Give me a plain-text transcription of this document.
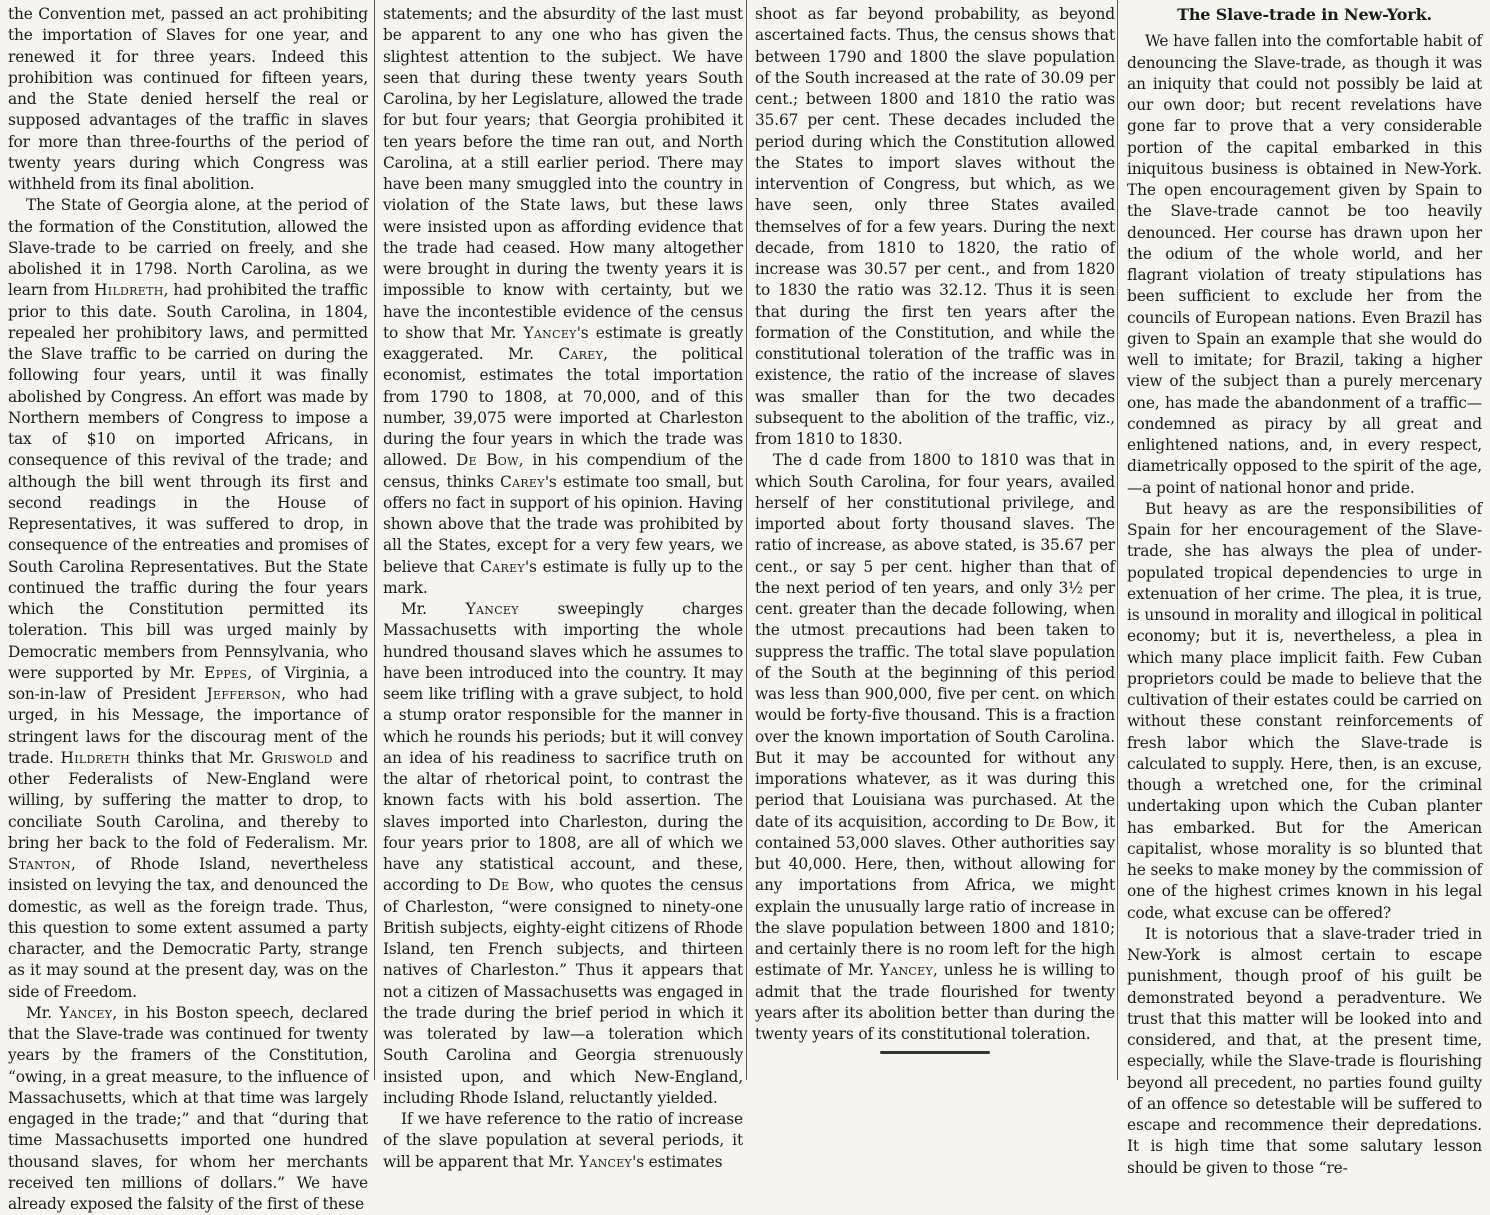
the Convention met, passed an act prohibiting the importation of Slaves for one year, and renewed it for three years. Indeed this prohibition was continued for fifteen years, and the State denied herself the real or supposed advantages of the traffic in slaves for more than three-fourths of the period of twenty years during which Congress was withheld from its final abolition.

The State of Georgia alone, at the period of the formation of the Constitution, allowed the Slave-trade to be carried on freely, and she abolished it in 1798. North Carolina, as we learn from Hildreth, had prohibited the traffic prior to this date. South Carolina, in 1804, repealed her prohibitory laws, and permitted the Slave traffic to be carried on during the following four years, until it was finally abolished by Congress. An effort was made by Northern members of Congress to impose a tax of $10 on imported Africans, in consequence of this revival of the trade; and although the bill went through its first and second readings in the House of Representatives, it was suffered to drop, in consequence of the entreaties and promises of South Carolina Representatives. But the State continued the traffic during the four years which the Constitution permitted its toleration. This bill was urged mainly by Democratic members from Pennsylvania, who were supported by Mr. Eppes, of Virginia, a son-in-law of President Jefferson, who had urged, in his Message, the importance of stringent laws for the discourag ment of the trade. Hildreth thinks that Mr. Griswold and other Federalists of New-England were willing, by suffering the matter to drop, to conciliate South Carolina, and thereby to bring her back to the fold of Federalism. Mr. Stanton, of Rhode Island, nevertheless insisted on levying the tax, and denounced the domestic, as well as the foreign trade. Thus, this question to some extent assumed a party character, and the Democratic Party, strange as it may sound at the present day, was on the side of Freedom.

Mr. Yancey, in his Boston speech, declared that the Slave-trade was continued for twenty years by the framers of the Constitution, “owing, in a great measure, to the influence of Massachusetts, which at that time was largely engaged in the trade;” and that “during that time Massachusetts imported one hundred thousand slaves, for whom her merchants received ten millions of dollars.” We have already exposed the falsity of the first of these

statements; and the absurdity of the last must be apparent to any one who has given the slightest attention to the subject. We have seen that during these twenty years South Carolina, by her Legislature, allowed the trade for but four years; that Georgia prohibited it ten years before the time ran out, and North Carolina, at a still earlier period. There may have been many smuggled into the country in violation of the State laws, but these laws were insisted upon as affording evidence that the trade had ceased. How many altogether were brought in during the twenty years it is impossible to know with certainty, but we have the incontestible evidence of the census to show that Mr. Yancey's estimate is greatly exaggerated. Mr. Carey, the political economist, estimates the total importation from 1790 to 1808, at 70,000, and of this number, 39,075 were imported at Charleston during the four years in which the trade was allowed. De Bow, in his compendium of the census, thinks Carey's estimate too small, but offers no fact in support of his opinion. Having shown above that the trade was prohibited by all the States, except for a very few years, we believe that Carey's estimate is fully up to the mark.

Mr. Yancey sweepingly charges Massachusetts with importing the whole hundred thousand slaves which he assumes to have been introduced into the country. It may seem like trifling with a grave subject, to hold a stump orator responsible for the manner in which he rounds his periods; but it will convey an idea of his readiness to sacrifice truth on the altar of rhetorical point, to contrast the known facts with his bold assertion. The slaves imported into Charleston, during the four years prior to 1808, are all of which we have any statistical account, and these, according to De Bow, who quotes the census of Charleston, “were consigned to ninety-one British subjects, eighty-eight citizens of Rhode Island, ten French subjects, and thirteen natives of Charleston.” Thus it appears that not a citizen of Massachusetts was engaged in the trade during the brief period in which it was tolerated by law—a toleration which South Carolina and Georgia strenuously insisted upon, and which New-England, including Rhode Island, reluctantly yielded.

If we have reference to the ratio of increase of the slave population at several periods, it will be apparent that Mr. Yancey's estimates

shoot as far beyond probability, as beyond ascertained facts. Thus, the census shows that between 1790 and 1800 the slave population of the South increased at the rate of 30.09 per cent.; between 1800 and 1810 the ratio was 35.67 per cent. These decades included the period during which the Constitution allowed the States to import slaves without the intervention of Congress, but which, as we have seen, only three States availed themselves of for a few years. During the next decade, from 1810 to 1820, the ratio of increase was 30.57 per cent., and from 1820 to 1830 the ratio was 32.12. Thus it is seen that during the first ten years after the formation of the Constitution, and while the constitutional toleration of the traffic was in existence, the ratio of the increase of slaves was smaller than for the two decades subsequent to the abolition of the traffic, viz., from 1810 to 1830.

The d cade from 1800 to 1810 was that in which South Carolina, for four years, availed herself of her constitutional privilege, and imported about forty thousand slaves. The ratio of increase, as above stated, is 35.67 per cent., or say 5 per cent. higher than that of the next period of ten years, and only 3½ per cent. greater than the decade following, when the utmost precautions had been taken to suppress the traffic. The total slave population of the South at the beginning of this period was less than 900,000, five per cent. on which would be forty-five thousand. This is a fraction over the known importation of South Carolina. But it may be accounted for without any imporations whatever, as it was during this period that Louisiana was purchased. At the date of its acquisition, according to De Bow, it contained 53,000 slaves. Other authorities say but 40,000. Here, then, without allowing for any importations from Africa, we might explain the unusually large ratio of increase in the slave population between 1800 and 1810; and certainly there is no room left for the high estimate of Mr. Yancey, unless he is willing to admit that the trade flourished for twenty years after its abolition better than during the twenty years of its constitutional toleration.

The Slave-trade in New-York.

We have fallen into the comfortable habit of denouncing the Slave-trade, as though it was an iniquity that could not possibly be laid at our own door; but recent revelations have gone far to prove that a very considerable portion of the capital embarked in this iniquitous business is obtained in New-York. The open encouragement given by Spain to the Slave-trade cannot be too heavily denounced. Her course has drawn upon her the odium of the whole world, and her flagrant violation of treaty stipulations has been sufficient to exclude her from the councils of European nations. Even Brazil has given to Spain an example that she would do well to imitate; for Brazil, taking a higher view of the subject than a purely mercenary one, has made the abandonment of a traffic—condemned as piracy by all great and enlightened nations, and, in every respect, diametrically opposed to the spirit of the age,—a point of national honor and pride.

But heavy as are the responsibilities of Spain for her encouragement of the Slave-trade, she has always the plea of under-populated tropical dependencies to urge in extenuation of her crime. The plea, it is true, is unsound in morality and illogical in political economy; but it is, nevertheless, a plea in which many place implicit faith. Few Cuban proprietors could be made to believe that the cultivation of their estates could be carried on without these constant reinforcements of fresh labor which the Slave-trade is calculated to supply. Here, then, is an excuse, though a wretched one, for the criminal undertaking upon which the Cuban planter has embarked. But for the American capitalist, whose morality is so blunted that he seeks to make money by the commission of one of the highest crimes known in his legal code, what excuse can be offered?

It is notorious that a slave-trader tried in New-York is almost certain to escape punishment, though proof of his guilt be demonstrated beyond a peradventure. We trust that this matter will be looked into and considered, and that, at the present time, especially, while the Slave-trade is flourishing beyond all precedent, no parties found guilty of an offence so detestable will be suffered to escape and recommence their depredations. It is high time that some salutary lesson should be given to those “re-
